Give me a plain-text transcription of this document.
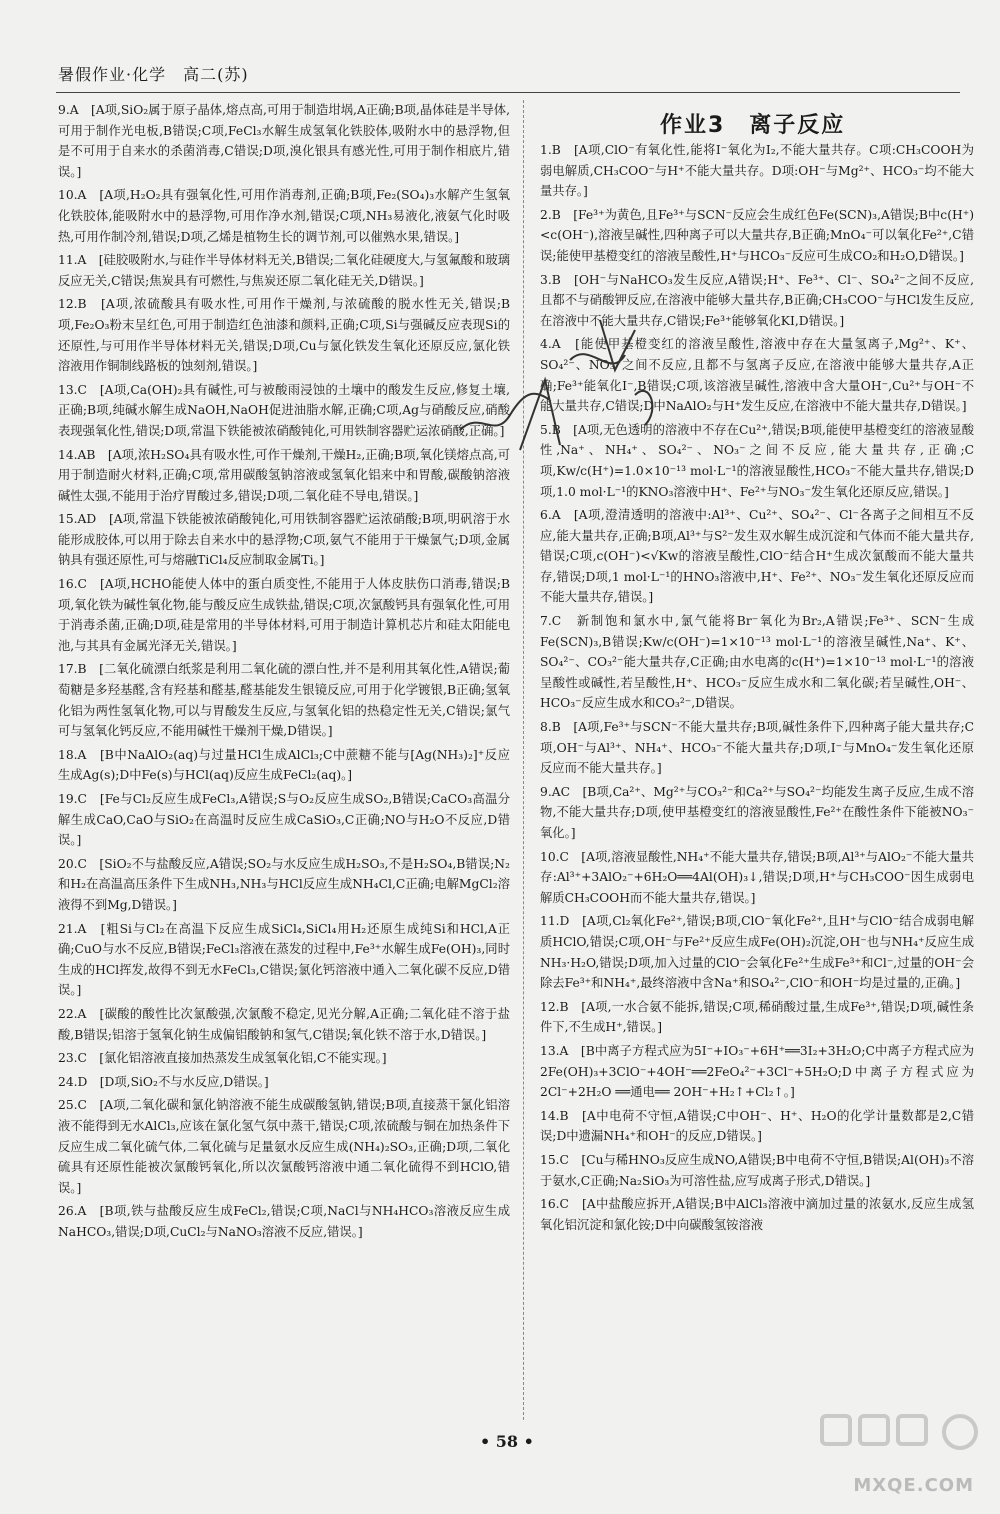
暑假作业·化学　高二(苏)
9.A　[A项,SiO₂属于原子晶体,熔点高,可用于制造坩埚,A正确;B项,晶体硅是半导体,可用于制作光电板,B错误;C项,FeCl₃水解生成氢氧化铁胶体,吸附水中的悬浮物,但是不可用于自来水的杀菌消毒,C错误;D项,溴化银具有感光性,可用于制作相底片,错误。]
10.A　[A项,H₂O₂具有强氧化性,可用作消毒剂,正确;B项,Fe₂(SO₄)₃水解产生氢氧化铁胶体,能吸附水中的悬浮物,可用作净水剂,错误;C项,NH₃易液化,液氨气化时吸热,可用作制冷剂,错误;D项,乙烯是植物生长的调节剂,可以催熟水果,错误。]
11.A　[硅胶吸附水,与硅作半导体材料无关,B错误;二氧化硅硬度大,与氢氟酸和玻璃反应无关,C错误;焦炭具有可燃性,与焦炭还原二氧化硅无关,D错误。]
12.B　[A项,浓硫酸具有吸水性,可用作干燥剂,与浓硫酸的脱水性无关,错误;B项,Fe₂O₃粉末呈红色,可用于制造红色油漆和颜料,正确;C项,Si与强碱反应表现Si的还原性,与可用作半导体材料无关,错误;D项,Cu与氯化铁发生氧化还原反应,氯化铁溶液用作铜制线路板的蚀刻剂,错误。]
13.C　[A项,Ca(OH)₂具有碱性,可与被酸雨浸蚀的土壤中的酸发生反应,修复土壤,正确;B项,纯碱水解生成NaOH,NaOH促进油脂水解,正确;C项,Ag与硝酸反应,硝酸表现强氧化性,错误;D项,常温下铁能被浓硝酸钝化,可用铁制容器贮运浓硝酸,正确。]
14.AB　[A项,浓H₂SO₄具有吸水性,可作干燥剂,干燥H₂,正确;B项,氧化镁熔点高,可用于制造耐火材料,正确;C项,常用碳酸氢钠溶液或氢氧化铝来中和胃酸,碳酸钠溶液碱性太强,不能用于治疗胃酸过多,错误;D项,二氧化硅不导电,错误。]
15.AD　[A项,常温下铁能被浓硝酸钝化,可用铁制容器贮运浓硝酸;B项,明矾溶于水能形成胶体,可以用于除去自来水中的悬浮物;C项,氨气不能用于干燥氯气;D项,金属钠具有强还原性,可与熔融TiCl₄反应制取金属Ti。]
16.C　[A项,HCHO能使人体中的蛋白质变性,不能用于人体皮肤伤口消毒,错误;B项,氧化铁为碱性氧化物,能与酸反应生成铁盐,错误;C项,次氯酸钙具有强氧化性,可用于消毒杀菌,正确;D项,硅是常用的半导体材料,可用于制造计算机芯片和硅太阳能电池,与其具有金属光泽无关,错误。]
17.B　[二氧化硫漂白纸浆是利用二氧化硫的漂白性,并不是利用其氧化性,A错误;葡萄糖是多羟基醛,含有羟基和醛基,醛基能发生银镜反应,可用于化学镀银,B正确;氢氧化铝为两性氢氧化物,可以与胃酸发生反应,与氢氧化铝的热稳定性无关,C错误;氯气可与氢氧化钙反应,不能用碱性干燥剂干燥,D错误。]
18.A　[B中NaAlO₂(aq)与过量HCl生成AlCl₃;C中蔗糖不能与[Ag(NH₃)₂]⁺反应生成Ag(s);D中Fe(s)与HCl(aq)反应生成FeCl₂(aq)。]
19.C　[Fe与Cl₂反应生成FeCl₃,A错误;S与O₂反应生成SO₂,B错误;CaCO₃高温分解生成CaO,CaO与SiO₂在高温时反应生成CaSiO₃,C正确;NO与H₂O不反应,D错误。]
20.C　[SiO₂不与盐酸反应,A错误;SO₂与水反应生成H₂SO₃,不是H₂SO₄,B错误;N₂和H₂在高温高压条件下生成NH₃,NH₃与HCl反应生成NH₄Cl,C正确;电解MgCl₂溶液得不到Mg,D错误。]
21.A　[粗Si与Cl₂在高温下反应生成SiCl₄,SiCl₄用H₂还原生成纯Si和HCl,A正确;CuO与水不反应,B错误;FeCl₃溶液在蒸发的过程中,Fe³⁺水解生成Fe(OH)₃,同时生成的HCl挥发,故得不到无水FeCl₃,C错误;氯化钙溶液中通入二氧化碳不反应,D错误。]
22.A　[碳酸的酸性比次氯酸强,次氯酸不稳定,见光分解,A正确;二氧化硅不溶于盐酸,B错误;铝溶于氢氧化钠生成偏铝酸钠和氢气,C错误;氧化铁不溶于水,D错误。]
23.C　[氯化铝溶液直接加热蒸发生成氢氧化铝,C不能实现。]
24.D　[D项,SiO₂不与水反应,D错误。]
25.C　[A项,二氧化碳和氯化钠溶液不能生成碳酸氢钠,错误;B项,直接蒸干氯化铝溶液不能得到无水AlCl₃,应该在氯化氢气氛中蒸干,错误;C项,浓硫酸与铜在加热条件下反应生成二氧化硫气体,二氧化硫与足量氨水反应生成(NH₄)₂SO₃,正确;D项,二氧化硫具有还原性能被次氯酸钙氧化,所以次氯酸钙溶液中通二氧化硫得不到HClO,错误。]
26.A　[B项,铁与盐酸反应生成FeCl₂,错误;C项,NaCl与NH₄HCO₃溶液反应生成NaHCO₃,错误;D项,CuCl₂与NaNO₃溶液不反应,错误。]
作业3　离子反应
1.B　[A项,ClO⁻有氧化性,能将I⁻氧化为I₂,不能大量共存。C项:CH₃COOH为弱电解质,CH₃COO⁻与H⁺不能大量共存。D项:OH⁻与Mg²⁺、HCO₃⁻均不能大量共存。]
2.B　[Fe³⁺为黄色,且Fe³⁺与SCN⁻反应会生成红色Fe(SCN)₃,A错误;B中c(H⁺)<c(OH⁻),溶液呈碱性,四种离子可以大量共存,B正确;MnO₄⁻可以氧化Fe²⁺,C错误;能使甲基橙变红的溶液呈酸性,H⁺与HCO₃⁻反应可生成CO₂和H₂O,D错误。]
3.B　[OH⁻与NaHCO₃发生反应,A错误;H⁺、Fe³⁺、Cl⁻、SO₄²⁻之间不反应,且都不与硝酸钾反应,在溶液中能够大量共存,B正确;CH₃COO⁻与HCl发生反应,在溶液中不能大量共存,C错误;Fe³⁺能够氧化KI,D错误。]
4.A　[能使甲基橙变红的溶液呈酸性,溶液中存在大量氢离子,Mg²⁺、K⁺、SO₄²⁻、NO₃⁻之间不反应,且都不与氢离子反应,在溶液中能够大量共存,A正确;Fe³⁺能氧化I⁻,B错误;C项,该溶液呈碱性,溶液中含大量OH⁻,Cu²⁺与OH⁻不能大量共存,C错误;D中NaAlO₂与H⁺发生反应,在溶液中不能大量共存,D错误。]
5.B　[A项,无色透明的溶液中不存在Cu²⁺,错误;B项,能使甲基橙变红的溶液显酸性,Na⁺、NH₄⁺、SO₄²⁻、NO₃⁻之间不反应,能大量共存,正确;C项,Kw/c(H⁺)=1.0×10⁻¹³ mol·L⁻¹的溶液显酸性,HCO₃⁻不能大量共存,错误;D项,1.0 mol·L⁻¹的KNO₃溶液中H⁺、Fe²⁺与NO₃⁻发生氧化还原反应,错误。]
6.A　[A项,澄清透明的溶液中:Al³⁺、Cu²⁺、SO₄²⁻、Cl⁻各离子之间相互不反应,能大量共存,正确;B项,Al³⁺与S²⁻发生双水解生成沉淀和气体而不能大量共存,错误;C项,c(OH⁻)<√Kw的溶液呈酸性,ClO⁻结合H⁺生成次氯酸而不能大量共存,错误;D项,1 mol·L⁻¹的HNO₃溶液中,H⁺、Fe²⁺、NO₃⁻发生氧化还原反应而不能大量共存,错误。]
7.C　新制饱和氯水中,氯气能将Br⁻氧化为Br₂,A错误;Fe³⁺、SCN⁻生成Fe(SCN)₃,B错误;Kw/c(OH⁻)=1×10⁻¹³ mol·L⁻¹的溶液呈碱性,Na⁺、K⁺、SO₄²⁻、CO₃²⁻能大量共存,C正确;由水电离的c(H⁺)=1×10⁻¹³ mol·L⁻¹的溶液呈酸性或碱性,若呈酸性,H⁺、HCO₃⁻反应生成水和二氧化碳;若呈碱性,OH⁻、HCO₃⁻反应生成水和CO₃²⁻,D错误。
8.B　[A项,Fe³⁺与SCN⁻不能大量共存;B项,碱性条件下,四种离子能大量共存;C项,OH⁻与Al³⁺、NH₄⁺、HCO₃⁻不能大量共存;D项,I⁻与MnO₄⁻发生氧化还原反应而不能大量共存。]
9.AC　[B项,Ca²⁺、Mg²⁺与CO₃²⁻和Ca²⁺与SO₄²⁻均能发生离子反应,生成不溶物,不能大量共存;D项,使甲基橙变红的溶液显酸性,Fe²⁺在酸性条件下能被NO₃⁻氧化。]
10.C　[A项,溶液显酸性,NH₄⁺不能大量共存,错误;B项,Al³⁺与AlO₂⁻不能大量共存:Al³⁺+3AlO₂⁻+6H₂O══4Al(OH)₃↓,错误;D项,H⁺与CH₃COO⁻因生成弱电解质CH₃COOH而不能大量共存,错误。]
11.D　[A项,Cl₂氧化Fe²⁺,错误;B项,ClO⁻氧化Fe²⁺,且H⁺与ClO⁻结合成弱电解质HClO,错误;C项,OH⁻与Fe²⁺反应生成Fe(OH)₂沉淀,OH⁻也与NH₄⁺反应生成NH₃·H₂O,错误;D项,加入过量的ClO⁻会氧化Fe²⁺生成Fe³⁺和Cl⁻,过量的OH⁻会除去Fe³⁺和NH₄⁺,最终溶液中含Na⁺和SO₄²⁻,ClO⁻和OH⁻均是过量的,正确。]
12.B　[A项,一水合氨不能拆,错误;C项,稀硝酸过量,生成Fe³⁺,错误;D项,碱性条件下,不生成H⁺,错误。]
13.A　[B中离子方程式应为5I⁻+IO₃⁻+6H⁺══3I₂+3H₂O;C中离子方程式应为2Fe(OH)₃+3ClO⁻+4OH⁻══2FeO₄²⁻+3Cl⁻+5H₂O;D中离子方程式应为2Cl⁻+2H₂O ══通电══ 2OH⁻+H₂↑+Cl₂↑。]
14.B　[A中电荷不守恒,A错误;C中OH⁻、H⁺、H₂O的化学计量数都是2,C错误;D中遗漏NH₄⁺和OH⁻的反应,D错误。]
15.C　[Cu与稀HNO₃反应生成NO,A错误;B中电荷不守恒,B错误;Al(OH)₃不溶于氨水,C正确;Na₂SiO₃为可溶性盐,应写成离子形式,D错误。]
16.C　[A中盐酸应拆开,A错误;B中AlCl₃溶液中滴加过量的浓氨水,反应生成氢氧化铝沉淀和氯化铵;D中向碳酸氢铵溶液
• 58 •
MXQE.COM
